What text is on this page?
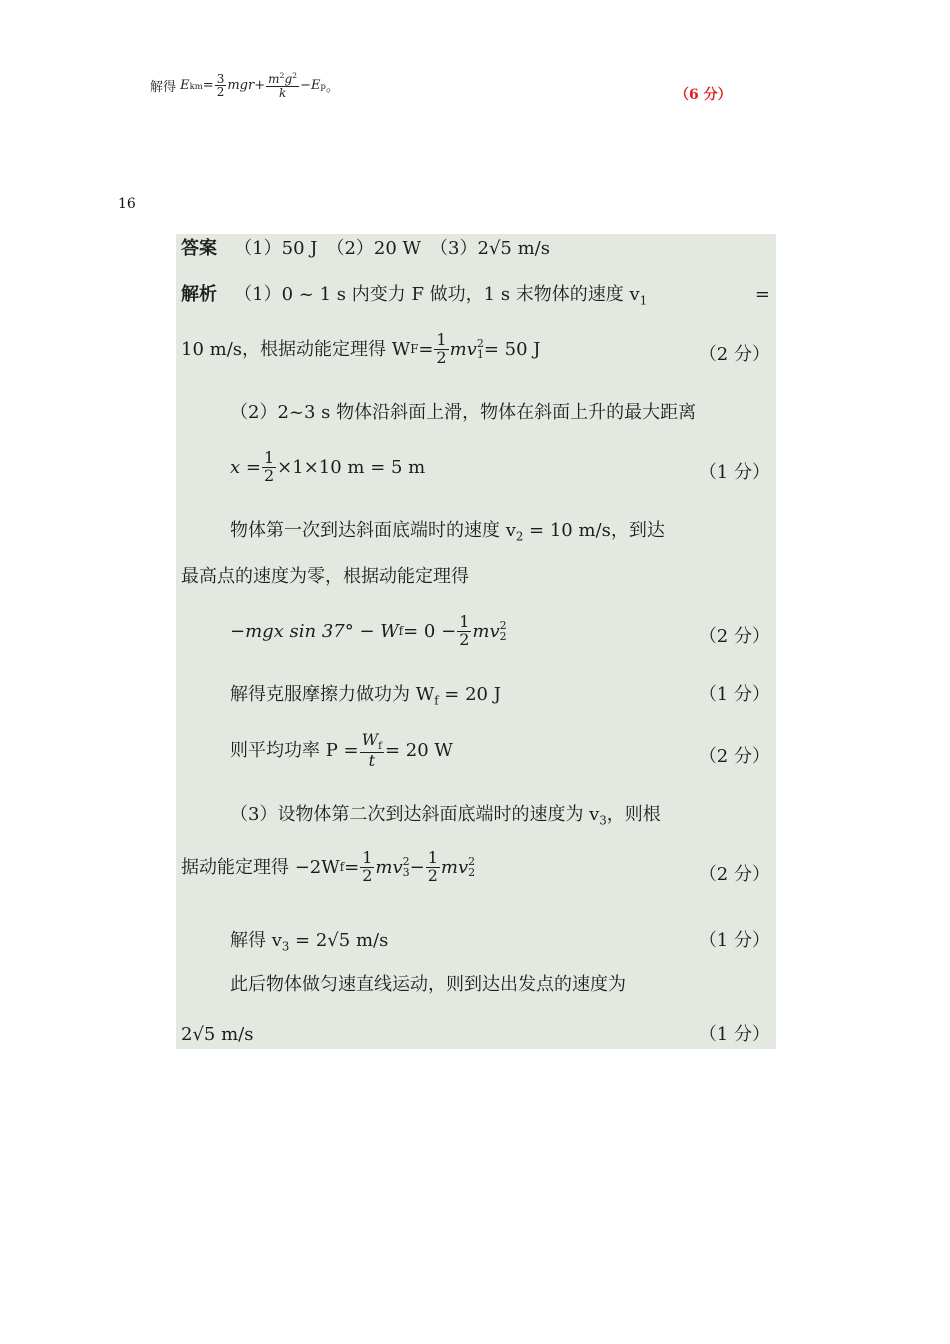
解得
E km = $\frac{3}{2}$ mgr + $\frac{m^2g^2}{k} - E$ p 。	（6 分）
16
答案 （1）50 J　（2）20 W　（3）2√5 m/s
解析 （1）0 ~ 1 s 内变力 F 做功，1 s 末物体的速度 $v_1$	=
10 m/s，根据动能定理得 W $F = \frac{1}{2}$ mv 2
1 = 50 J	（2 分）
（2）2~3 s 物体沿斜面上滑，物体在斜面上升的最大距离
$x = \frac{1}{2} \times 1\times 10$ m = 5 m	（1 分）
物体第一次到达斜面底端时的速度 $v_2 = 10$ m/s，到达
最高点的速度为零，根据动能定理得
−mgx sin 37° − W $f = 0 - \frac{1}{2}$ mv 2
2	（2 分）
解得克服摩擦力做功为 $W_f = 20$ J	（1 分）
则平均功率 $P = \frac{W_f}{t} = 20$ W	（2 分）
（3）设物体第二次到达斜面底端时的速度为 $v_3$，则根
据动能定理得 −2W $f = \frac{1}{2}$ mv 2
$3 - \frac{1}{2}$ mv 2
2	（2 分）
解得 $v_3 = 2√5$ m/s	（1 分）
此后物体做匀速直线运动，则到达出发点的速度为
2√5 m/s	（1 分）
